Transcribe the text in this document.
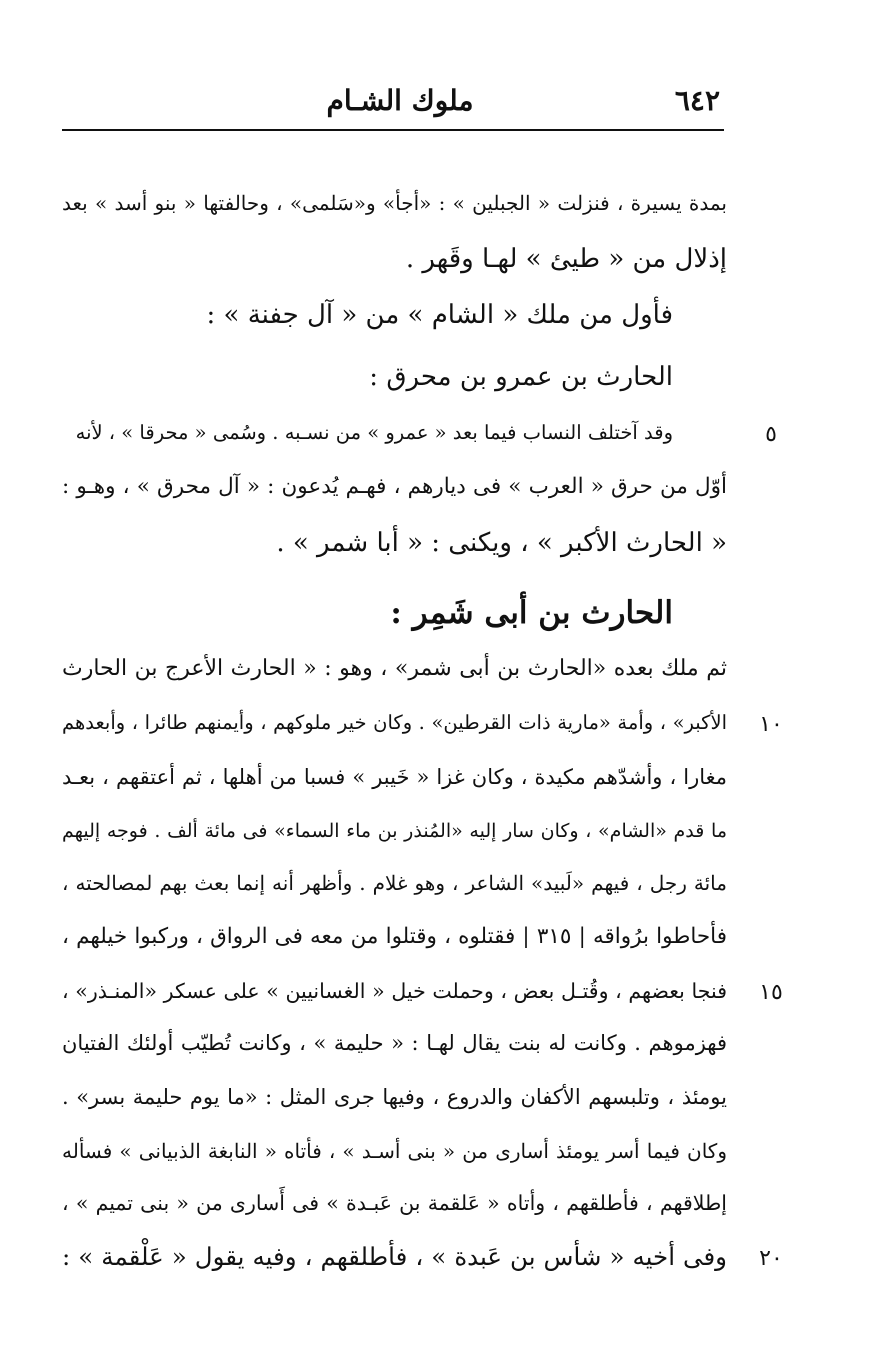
٦٤٢
ملوك الشـام
بمدة يسيرة ، فنزلت « الجبلين » : «أجأ» و«سَلمى» ، وحالفتها « بنو أسد » بعد
إذلال من « طيئ » لهـا وقَهر .
فأول من ملك « الشام » من « آل جفنة » :
الحارث بن عمرو بن محرق :
وقد آختلف النساب فيما بعد « عمرو » من نسـبه . وسُمى « محرقا » ، لأنه
أوّل من حرق « العرب » فى ديارهم ، فهـم يُدعون : « آل محرق » ، وهـو :
« الحارث الأكبر » ، ويكنى : « أبا شمر » .
الحارث بن أبى شَمِر :
ثم ملك بعده «الحارث بن أبى شمر» ، وهو : « الحارث الأعرج بن الحارث
الأكبر» ، وأمة «مارية ذات القرطين» . وكان خير ملوكهم ، وأيمنهم طائرا ، وأبعدهم
مغارا ، وأشدّهم مكيدة ، وكان غزا « خَيبر » فسبا من أهلها ، ثم أعتقهم ، بعـد
ما قدم «الشام» ، وكان سار إليه «المُنذر بن ماء السماء» فى مائة ألف . فوجه إليهم
مائة رجل ، فيهم «لَبيد» الشاعر ، وهو غلام . وأظهر أنه إنما بعث بهم لمصالحته ،
فأحاطوا برُواقه | ٣١٥ | فقتلوه ، وقتلوا من معه فى الرواق ، وركبوا خيلهم ،
فنجا بعضهم ، وقُتـل بعض ، وحملت خيل « الغسانيين » على عسكر «المنـذر» ،
فهزموهم . وكانت له بنت يقال لهـا : « حليمة » ، وكانت تُطيّب أولئك الفتيان
يومئذ ، وتلبسهم الأكفان والدروع ، وفيها جرى المثل : «ما يوم حليمة بسر» .
وكان فيما أسر يومئذ أسارى من « بنى أسـد » ، فأتاه « النابغة الذبيانى » فسأله
إطلاقهم ، فأطلقهم ، وأتاه « عَلقمة بن عَبـدة » فى أَسارى من « بنى تميم » ،
وفى أخيه « شأس بن عَبدة » ، فأطلقهم ، وفيه يقول « عَلْقمة » :
٥
١٠
١٥
٢٠
